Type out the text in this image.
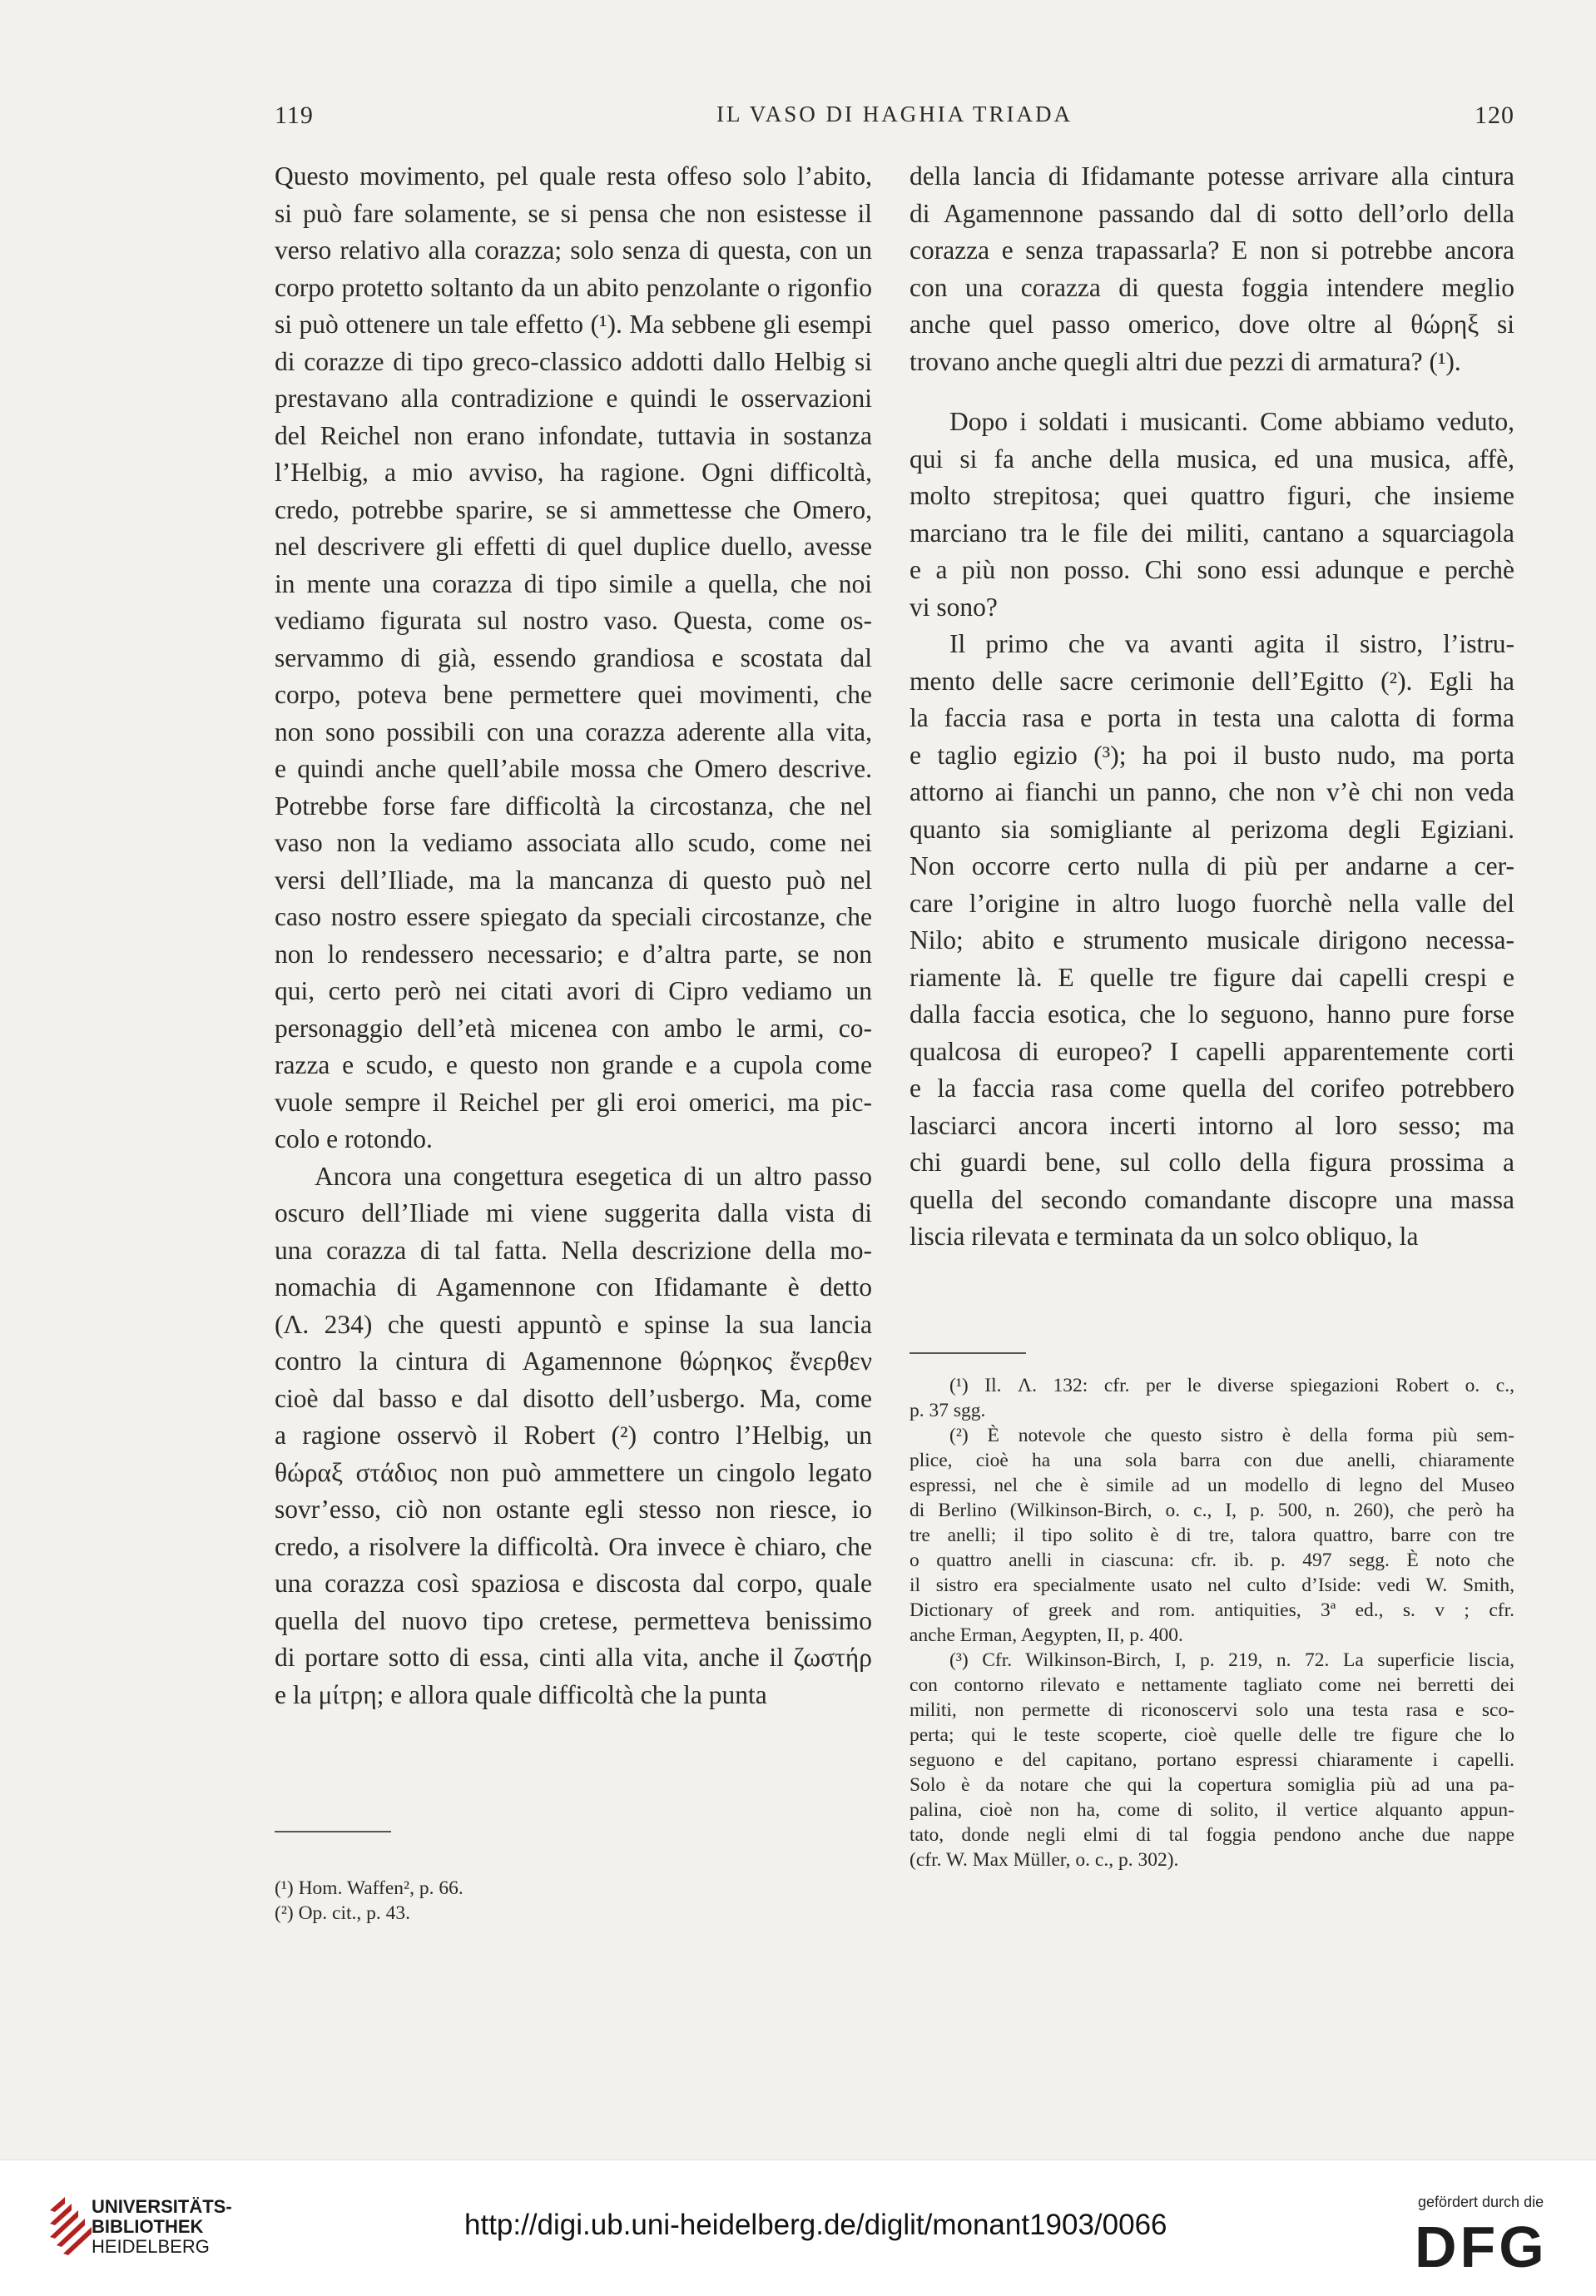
119	IL VASO DI HAGHIA TRIADA	120

Questo movimento, pel quale resta offeso solo l’abito,
si può fare solamente, se si pensa che non esistesse il
verso relativo alla corazza; solo senza di questa, con un
corpo protetto soltanto da un abito penzolante o rigonfio
si può ottenere un tale effetto (¹). Ma sebbene gli esempi
di corazze di tipo greco-classico addotti dallo Helbig si
prestavano alla contradizione e quindi le osservazioni
del Reichel non erano infondate, tuttavia in sostanza
l’Helbig, a mio avviso, ha ragione. Ogni difficoltà,
credo, potrebbe sparire, se si ammettesse che Omero,
nel descrivere gli effetti di quel duplice duello, avesse
in mente una corazza di tipo simile a quella, che noi
vediamo figurata sul nostro vaso. Questa, come os-
servammo di già, essendo grandiosa e scostata dal
corpo, poteva bene permettere quei movimenti, che
non sono possibili con una corazza aderente alla vita,
e quindi anche quell’abile mossa che Omero descrive.
Potrebbe forse fare difficoltà la circostanza, che nel
vaso non la vediamo associata allo scudo, come nei
versi dell’Iliade, ma la mancanza di questo può nel
caso nostro essere spiegato da speciali circostanze, che
non lo rendessero necessario; e d’altra parte, se non
qui, certo però nei citati avori di Cipro vediamo un
personaggio dell’età micenea con ambo le armi, co-
razza e scudo, e questo non grande e a cupola come
vuole sempre il Reichel per gli eroi omerici, ma pic-
colo e rotondo.

Ancora una congettura esegetica di un altro passo
oscuro dell’Iliade mi viene suggerita dalla vista di
una corazza di tal fatta. Nella descrizione della mo-
nomachia di Agamennone con Ifidamante è detto
(Λ. 234) che questi appuntò e spinse la sua lancia
contro la cintura di Agamennone θώρηκος ἔνερθεν
cioè dal basso e dal disotto dell’usbergo. Ma, come
a ragione osservò il Robert (²) contro l’Helbig, un
θώραξ στάδιος non può ammettere un cingolo legato
sovr’esso, ciò non ostante egli stesso non riesce, io
credo, a risolvere la difficoltà. Ora invece è chiaro, che
una corazza così spaziosa e discosta dal corpo, quale
quella del nuovo tipo cretese, permetteva benissimo
di portare sotto di essa, cinti alla vita, anche il ζωστήρ
e la μίτρη; e allora quale difficoltà che la punta

(¹) Hom. Waffen², p. 66.
(²) Op. cit., p. 43.

della lancia di Ifidamante potesse arrivare alla cintura
di Agamennone passando dal di sotto dell’orlo della
corazza e senza trapassarla? E non si potrebbe ancora
con una corazza di questa foggia intendere meglio
anche quel passo omerico, dove oltre al θώρηξ si
trovano anche quegli altri due pezzi di armatura? (¹).

Dopo i soldati i musicanti. Come abbiamo veduto,
qui si fa anche della musica, ed una musica, affè,
molto strepitosa; quei quattro figuri, che insieme
marciano tra le file dei militi, cantano a squarciagola
e a più non posso. Chi sono essi adunque e perchè
vi sono?

Il primo che va avanti agita il sistro, l’istru-
mento delle sacre cerimonie dell’Egitto (²). Egli ha
la faccia rasa e porta in testa una calotta di forma
e taglio egizio (³); ha poi il busto nudo, ma porta
attorno ai fianchi un panno, che non v’è chi non veda
quanto sia somigliante al perizoma degli Egiziani.
Non occorre certo nulla di più per andarne a cer-
care l’origine in altro luogo fuorchè nella valle del
Nilo; abito e strumento musicale dirigono necessa-
riamente là. E quelle tre figure dai capelli crespi e
dalla faccia esotica, che lo seguono, hanno pure forse
qualcosa di europeo? I capelli apparentemente corti
e la faccia rasa come quella del corifeo potrebbero
lasciarci ancora incerti intorno al loro sesso; ma
chi guardi bene, sul collo della figura prossima a
quella del secondo comandante discopre una massa
liscia rilevata e terminata da un solco obliquo, la

(¹) Il. Λ. 132: cfr. per le diverse spiegazioni Robert o. c.,
p. 37 sgg.
(²) È notevole che questo sistro è della forma più sem-
plice, cioè ha una sola barra con due anelli, chiaramente
espressi, nel che è simile ad un modello di legno del Museo
di Berlino (Wilkinson-Birch, o. c., I, p. 500, n. 260), che però ha
tre anelli; il tipo solito è di tre, talora quattro, barre con tre
o quattro anelli in ciascuna: cfr. ib. p. 497 segg. È noto che
il sistro era specialmente usato nel culto d’Iside: vedi W. Smith,
Dictionary of greek and rom. antiquities, 3ª ed., s. v ; cfr.
anche Erman, Aegypten, II, p. 400.
(³) Cfr. Wilkinson-Birch, I, p. 219, n. 72. La superficie liscia,
con contorno rilevato e nettamente tagliato come nei berretti dei
militi, non permette di riconoscervi solo una testa rasa e sco-
perta; qui le teste scoperte, cioè quelle delle tre figure che lo
seguono e del capitano, portano espressi chiaramente i capelli.
Solo è da notare che qui la copertura somiglia più ad una pa-
palina, cioè non ha, come di solito, il vertice alquanto appun-
tato, donde negli elmi di tal foggia pendono anche due nappe
(cfr. W. Max Müller, o. c., p. 302).
UNIVERSITÄTS-
BIBLIOTHEK

HEIDELBERG
http://digi.ub.uni-heidelberg.de/diglit/monant1903/0066
gefördert durch die
DFG
